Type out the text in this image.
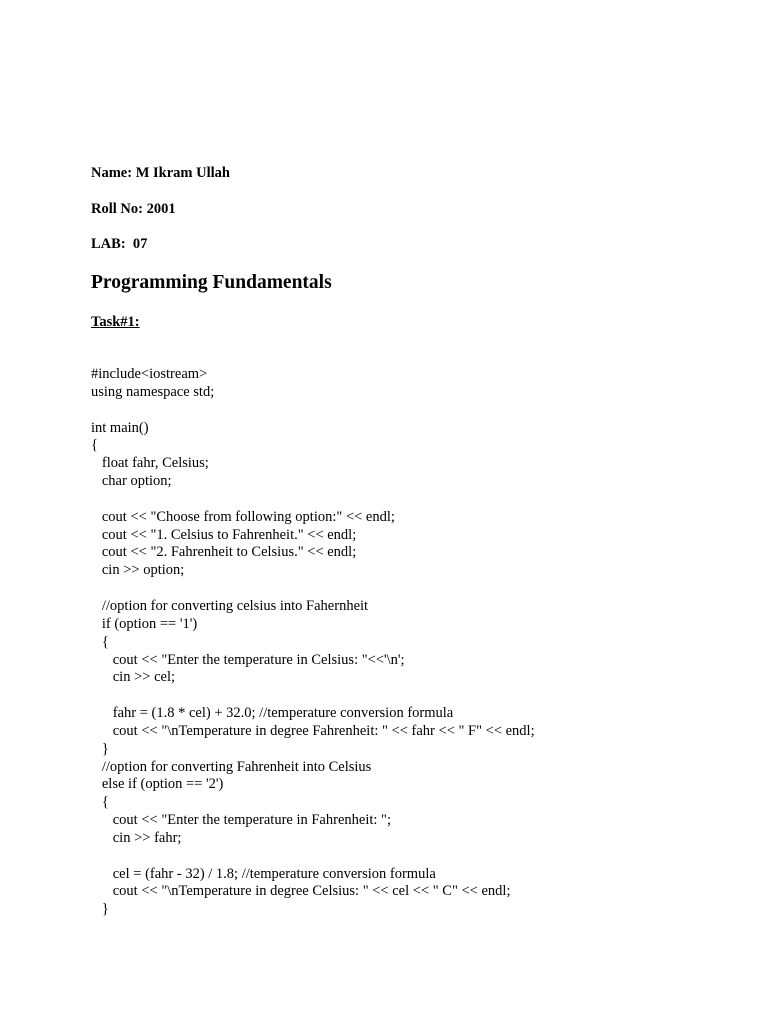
Name: M Ikram Ullah
Roll No: 2001
LAB:  07
Programming Fundamentals
Task#1:
#include<iostream>
using namespace std;
int main()
{
float fahr, Celsius;
char option;
cout << "Choose from following option:" << endl;
cout << "1. Celsius to Fahrenheit." << endl;
cout << "2. Fahrenheit to Celsius." << endl;
cin >> option;
//option for converting celsius into Fahernheit
if (option == '1')
{
cout << "Enter the temperature in Celsius: "<<'\n';
cin >> cel;
fahr = (1.8 * cel) + 32.0; //temperature conversion formula
cout << "\nTemperature in degree Fahrenheit: " << fahr << " F" << endl;
}
//option for converting Fahrenheit into Celsius
else if (option == '2')
{
cout << "Enter the temperature in Fahrenheit: ";
cin >> fahr;
cel = (fahr - 32) / 1.8; //temperature conversion formula
cout << "\nTemperature in degree Celsius: " << cel << " C" << endl;
}
